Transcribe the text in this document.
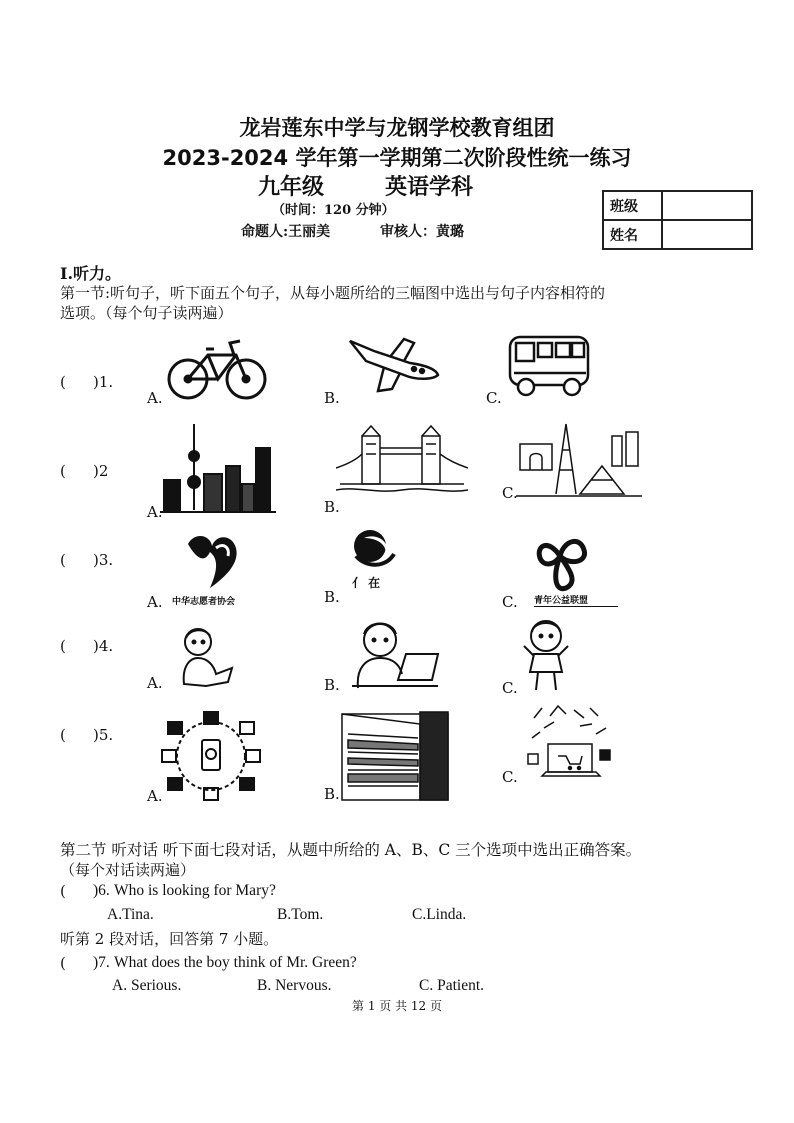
龙岩莲东中学与龙钢学校教育组团
2023-2024 学年第一学期第二次阶段性统一练习
九年级	英语学科
（时间：120 分钟）
命题人:王丽美	审核人：黄璐
班级	
姓名	
I.听力。
第一节:听句子，听下面五个句子，从每小题所给的三幅图中选出与句子内容相符的
选项。（每个句子读两遍）
( )1.
A.	B.	C.
( )2
A.	B.
C.
( )3.
A.	B.	C.
中华志愿者协会
亻 在
青年公益联盟
( )4.
A.	B.	C.
( )5.
A.	B.
C.
第二节 听对话 听下面七段对话，从题中所给的 A、B、C 三个选项中选出正确答案。
（每个对话读两遍）
( )6. Who is looking for Mary?
A.Tina.	B.Tom.	C.Linda.
听第 2 段对话，回答第 7 小题。
( )7. What does the boy think of Mr. Green?
A. Serious.	B. Nervous.	C. Patient.
第 1 页 共 12 页
